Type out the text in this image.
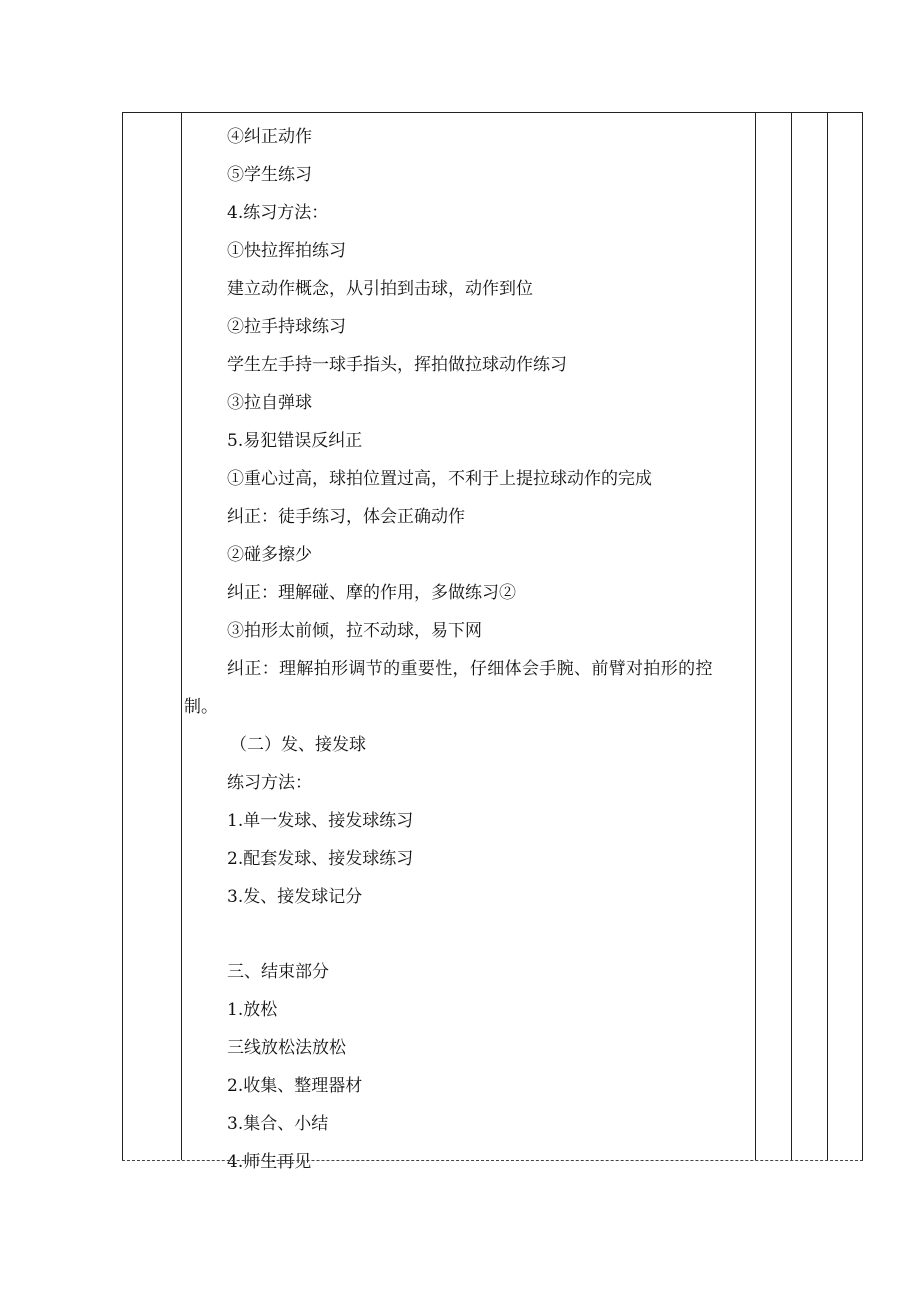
④纠正动作
⑤学生练习
4.练习方法：
①快拉挥拍练习
建立动作概念，从引拍到击球，动作到位
②拉手持球练习
学生左手持一球手指头，挥拍做拉球动作练习
③拉自弹球
5.易犯错误反纠正
①重心过高，球拍位置过高，不利于上提拉球动作的完成
纠正：徒手练习，体会正确动作
②碰多擦少
纠正：理解碰、摩的作用，多做练习②
③拍形太前倾，拉不动球，易下网
纠正：理解拍形调节的重要性，仔细体会手腕、前臂对拍形的控
制。
（二）发、接发球
练习方法：
1.单一发球、接发球练习
2.配套发球、接发球练习
3.发、接发球记分
三、结束部分
1.放松
三线放松法放松
2.收集、整理器材
3.集合、小结
4.师生再见
